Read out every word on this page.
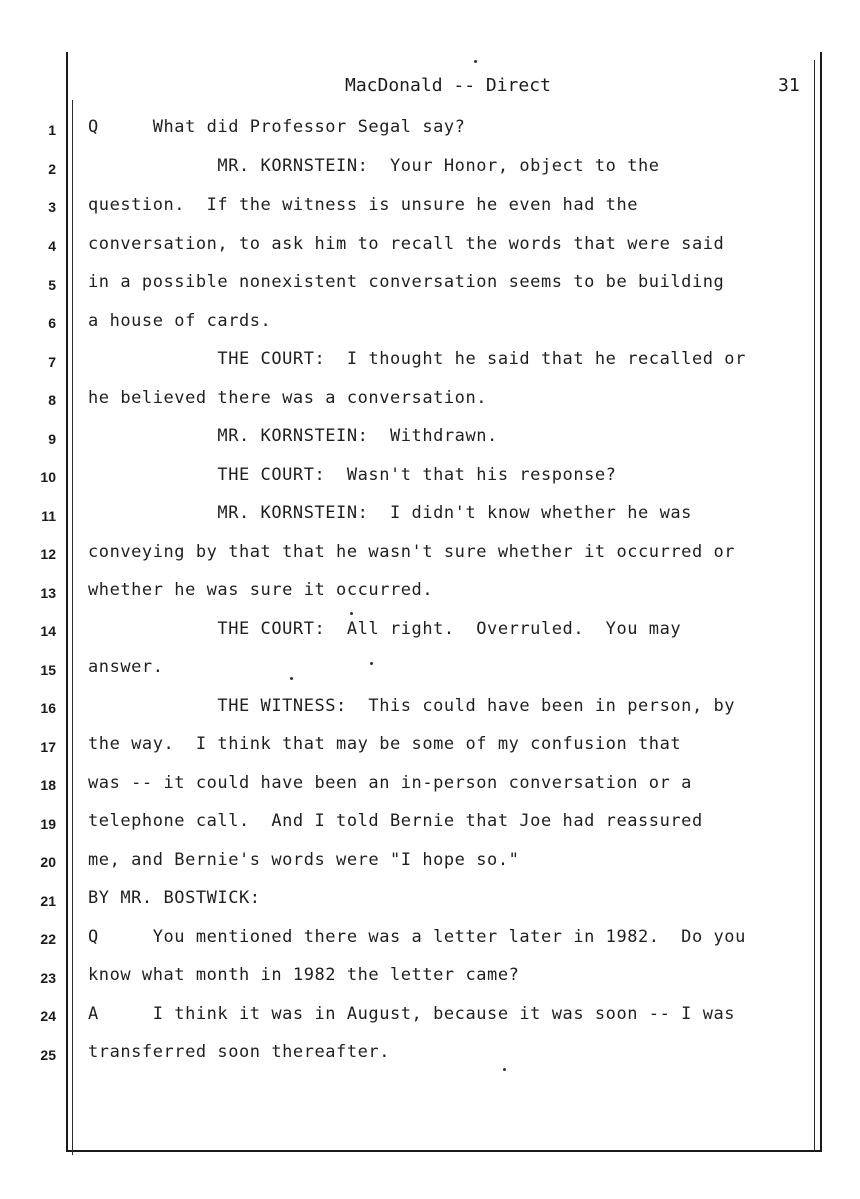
MacDonald -- Direct	31
1 Q     What did Professor Segal say?
2 MR. KORNSTEIN:  Your Honor, object to the
3 question.  If the witness is unsure he even had the
4 conversation, to ask him to recall the words that were said
5 in a possible nonexistent conversation seems to be building
6 a house of cards.
7 THE COURT:  I thought he said that he recalled or
8 he believed there was a conversation.
9 MR. KORNSTEIN:  Withdrawn.
10 THE COURT:  Wasn't that his response?
11 MR. KORNSTEIN:  I didn't know whether he was
12 conveying by that that he wasn't sure whether it occurred or
13 whether he was sure it occurred.
14 THE COURT:  All right.  Overruled.  You may
15 answer.
16 THE WITNESS:  This could have been in person, by
17 the way.  I think that may be some of my confusion that
18 was -- it could have been an in-person conversation or a
19 telephone call.  And I told Bernie that Joe had reassured
20 me, and Bernie's words were "I hope so."
21 BY MR. BOSTWICK:
22 Q     You mentioned there was a letter later in 1982.  Do you
23 know what month in 1982 the letter came?
24 A     I think it was in August, because it was soon -- I was
25 transferred soon thereafter.
